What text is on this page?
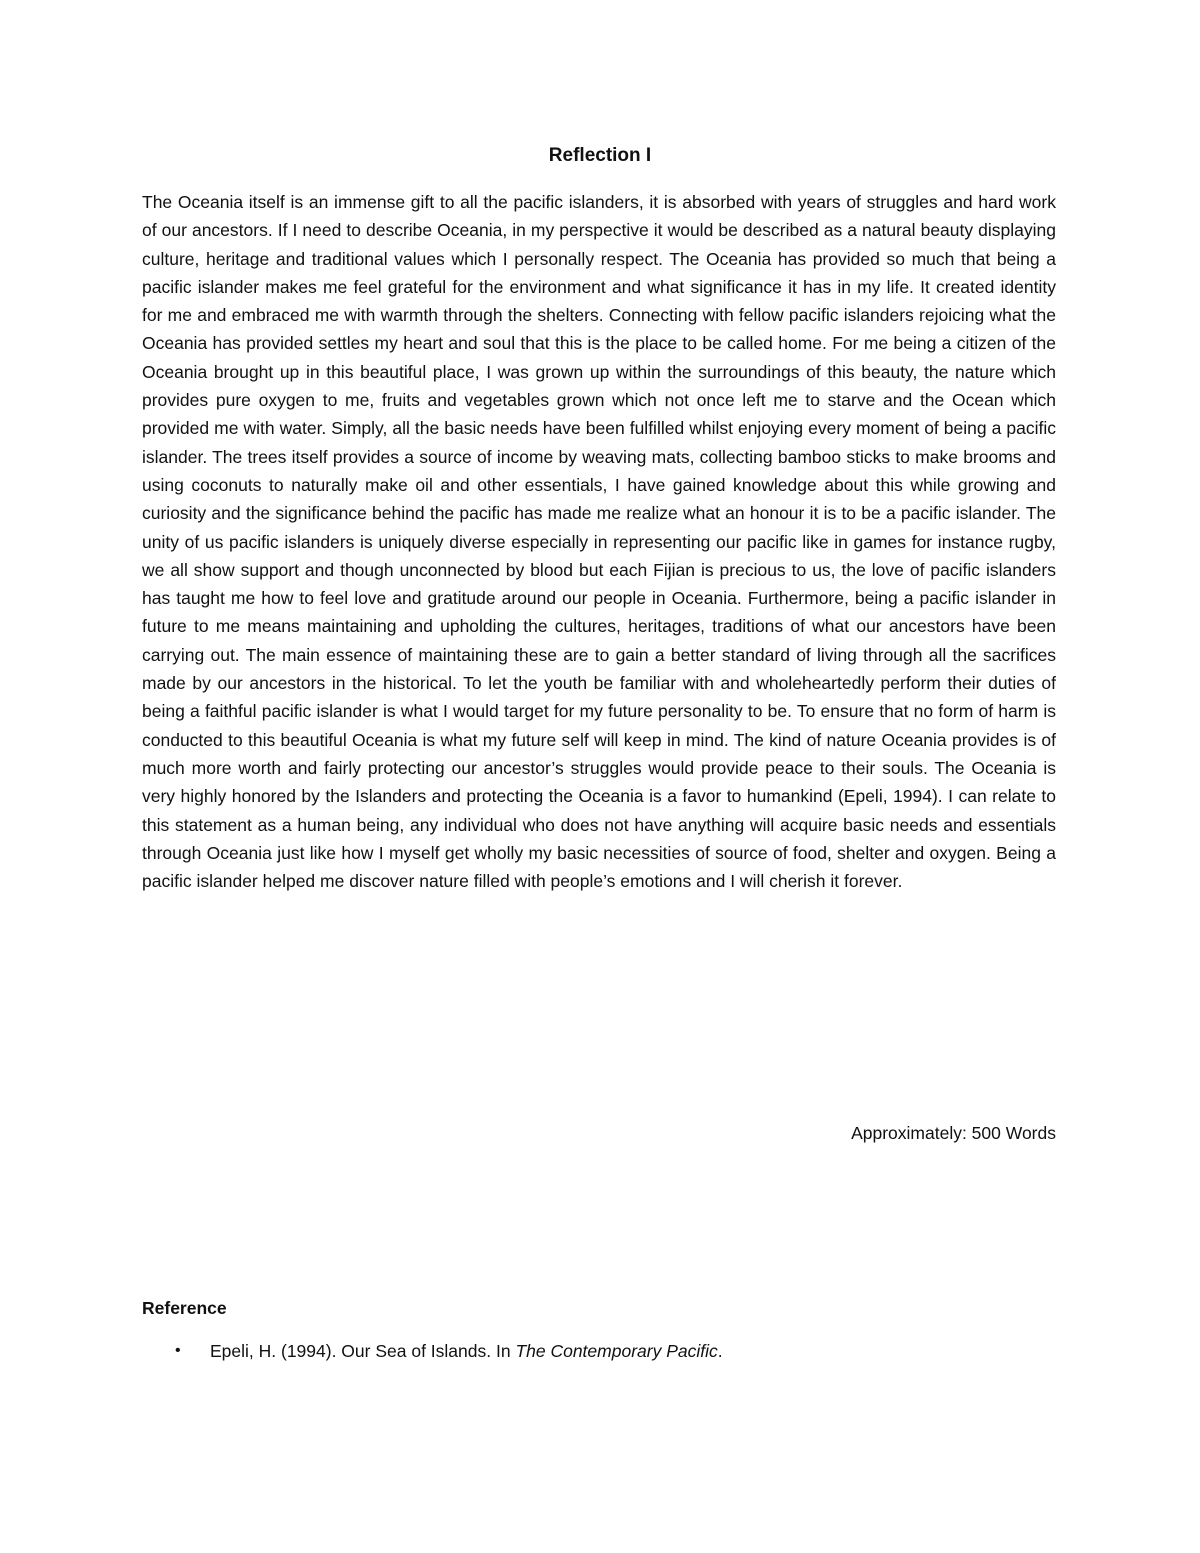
Reflection I

The Oceania itself is an immense gift to all the pacific islanders, it is absorbed with years of struggles and hard work of our ancestors. If I need to describe Oceania, in my perspective it would be described as a natural beauty displaying culture, heritage and traditional values which I personally respect. The Oceania has provided so much that being a pacific islander makes me feel grateful for the environment and what significance it has in my life. It created identity for me and embraced me with warmth through the shelters. Connecting with fellow pacific islanders rejoicing what the Oceania has provided settles my heart and soul that this is the place to be called home. For me being a citizen of the Oceania brought up in this beautiful place, I was grown up within the surroundings of this beauty, the nature which provides pure oxygen to me, fruits and vegetables grown which not once left me to starve and the Ocean which provided me with water. Simply, all the basic needs have been fulfilled whilst enjoying every moment of being a pacific islander. The trees itself provides a source of income by weaving mats, collecting bamboo sticks to make brooms and using coconuts to naturally make oil and other essentials, I have gained knowledge about this while growing and curiosity and the significance behind the pacific has made me realize what an honour it is to be a pacific islander. The unity of us pacific islanders is uniquely diverse especially in representing our pacific like in games for instance rugby, we all show support and though unconnected by blood but each Fijian is precious to us, the love of pacific islanders has taught me how to feel love and gratitude around our people in Oceania. Furthermore, being a pacific islander in future to me means maintaining and upholding the cultures, heritages, traditions of what our ancestors have been carrying out. The main essence of maintaining these are to gain a better standard of living through all the sacrifices made by our ancestors in the historical. To let the youth be familiar with and wholeheartedly perform their duties of being a faithful pacific islander is what I would target for my future personality to be. To ensure that no form of harm is conducted to this beautiful Oceania is what my future self will keep in mind. The kind of nature Oceania provides is of much more worth and fairly protecting our ancestor’s struggles would provide peace to their souls. The Oceania is very highly honored by the Islanders and protecting the Oceania is a favor to humankind (Epeli, 1994). I can relate to this statement as a human being, any individual who does not have anything will acquire basic needs and essentials through Oceania just like how I myself get wholly my basic necessities of source of food, shelter and oxygen. Being a pacific islander helped me discover nature filled with people’s emotions and I will cherish it forever.

Approximately: 500 Words
Reference
• Epeli, H. (1994). Our Sea of Islands. In The Contemporary Pacific.
